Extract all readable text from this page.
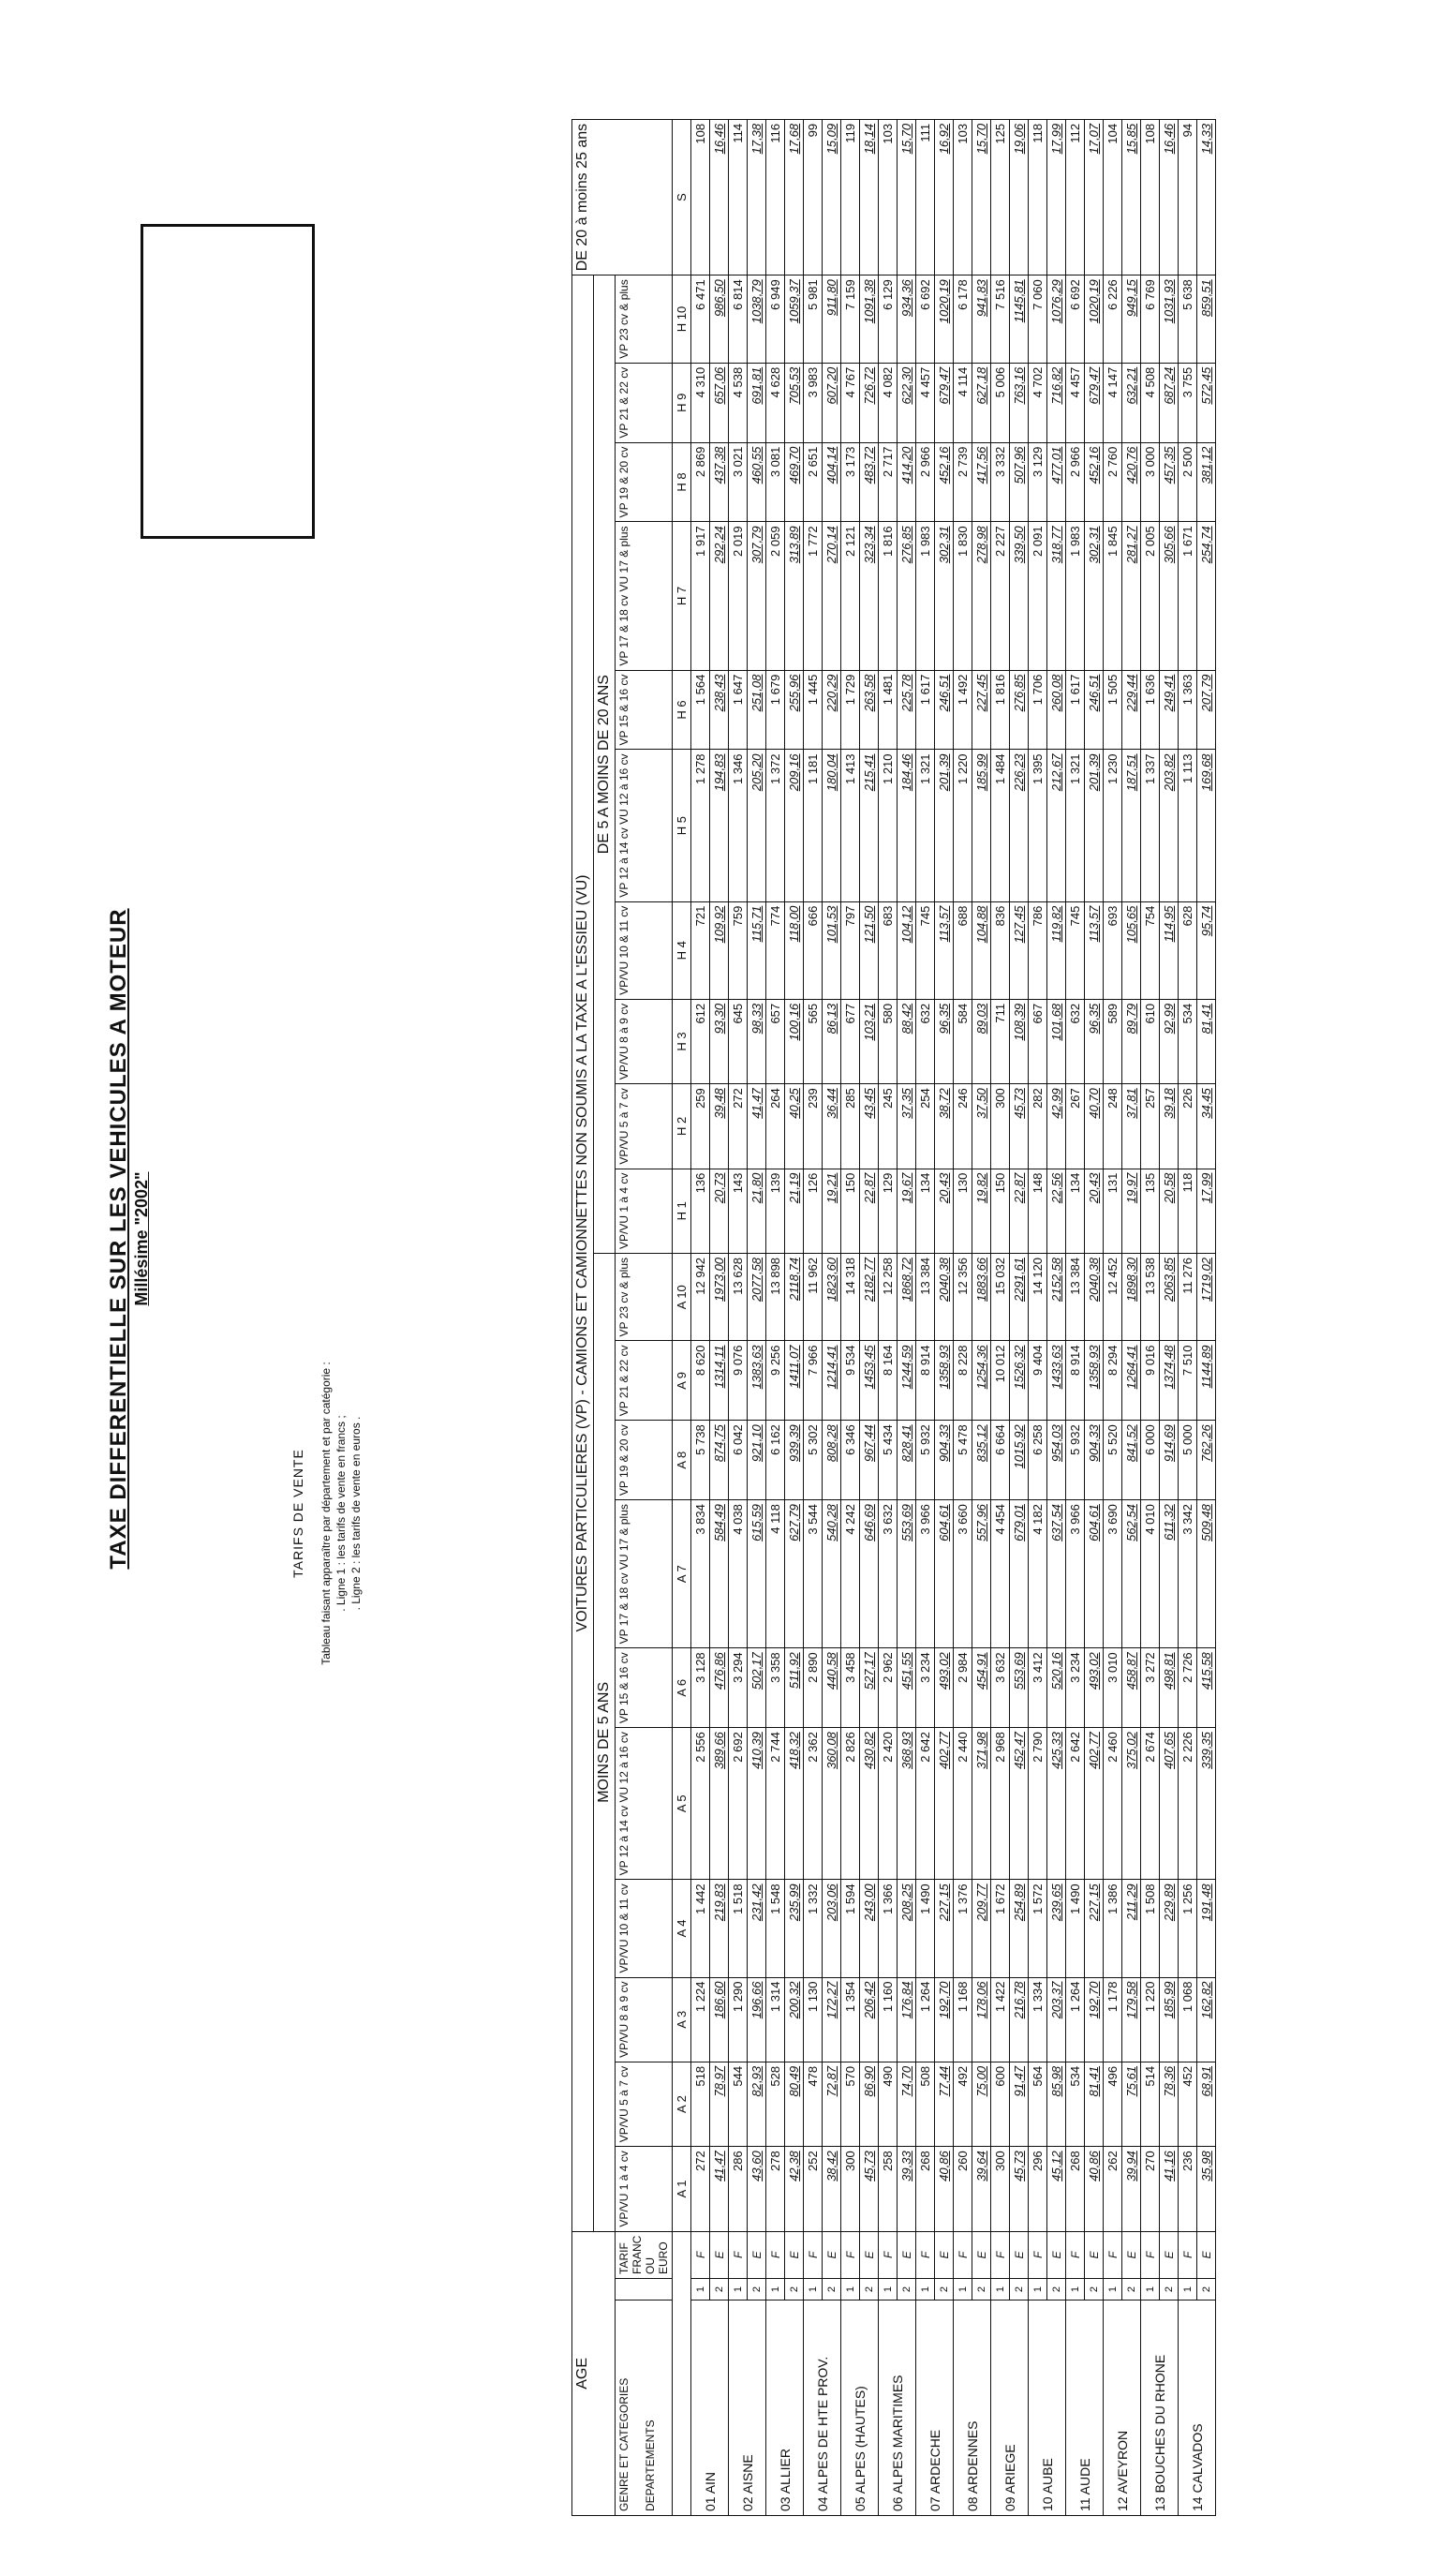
TAXE DIFFERENTIELLE SUR LES VEHICULES A MOTEUR Millésime "2002"
TARIFS DE VENTE Tableau faisant apparaître par département et par catégorie : . Ligne 1 : les tarifs de vente en francs ; . Ligne 2 : les tarifs de vente en euros .
AGE			VOITURES PARTICULIERES (VP) - CAMIONS ET CAMIONNETTES NON SOUMIS A LA TAXE A L'ESSIEU (VU)																				DE 20 à moins 25 ans
			MOINS DE 5 ANS										DE 5 A MOINS DE 20 ANS										
GENRE ET CATEGORIES DEPARTEMENTS		TARIF FRANC OU EURO	VP/VU 1 à 4 cv	VP/VU 5 à 7 cv	VP/VU 8 à 9 cv	VP/VU 10 & 11 cv	VP 12 à 14 cv VU 12 à 16 cv	VP 15 & 16 cv	VP 17 & 18 cv VU 17 & plus	VP 19 & 20 cv	VP 21 & 22 cv	VP 23 cv & plus	VP/VU 1 à 4 cv	VP/VU 5 à 7 cv	VP/VU 8 à 9 cv	VP/VU 10 & 11 cv	VP 12 à 14 cv VU 12 à 16 cv	VP 15 & 16 cv	VP 17 & 18 cv VU 17 & plus	VP 19 & 20 cv	VP 21 & 22 cv	VP 23 cv & plus	
			A 1	A 2	A 3	A 4	A 5	A 6	A 7	A 8	A 9	A 10	H 1	H 2	H 3	H 4	H 5	H 6	H 7	H 8	H 9	H 10	S
01 AIN	1	F	272	518	1 224	1 442	2 556	3 128	3 834	5 738	8 620	12 942	136	259	612	721	1 278	1 564	1 917	2 869	4 310	6 471	108
	2	E	41,47	78,97	186,60	219,83	389,66	476,86	584,49	874,75	1314,11	1973,00	20,73	39,48	93,30	109,92	194,83	238,43	292,24	437,38	657,06	986,50	16,46
02 AISNE	1	F	286	544	1 290	1 518	2 692	3 294	4 038	6 042	9 076	13 628	143	272	645	759	1 346	1 647	2 019	3 021	4 538	6 814	114
	2	E	43,60	82,93	196,66	231,42	410,39	502,17	615,59	921,10	1383,63	2077,58	21,80	41,47	98,33	115,71	205,20	251,08	307,79	460,55	691,81	1038,79	17,38
03 ALLIER	1	F	278	528	1 314	1 548	2 744	3 358	4 118	6 162	9 256	13 898	139	264	657	774	1 372	1 679	2 059	3 081	4 628	6 949	116
	2	E	42,38	80,49	200,32	235,99	418,32	511,92	627,79	939,39	1411,07	2118,74	21,19	40,25	100,16	118,00	209,16	255,96	313,89	469,70	705,53	1059,37	17,68
04 ALPES DE HTE PROV.	1	F	252	478	1 130	1 332	2 362	2 890	3 544	5 302	7 966	11 962	126	239	565	666	1 181	1 445	1 772	2 651	3 983	5 981	99
	2	E	38,42	72,87	172,27	203,06	360,08	440,58	540,28	808,28	1214,41	1823,60	19,21	36,44	86,13	101,53	180,04	220,29	270,14	404,14	607,20	911,80	15,09
05 ALPES (HAUTES)	1	F	300	570	1 354	1 594	2 826	3 458	4 242	6 346	9 534	14 318	150	285	677	797	1 413	1 729	2 121	3 173	4 767	7 159	119
	2	E	45,73	86,90	206,42	243,00	430,82	527,17	646,69	967,44	1453,45	2182,77	22,87	43,45	103,21	121,50	215,41	263,58	323,34	483,72	726,72	1091,38	18,14
06 ALPES MARITIMES	1	F	258	490	1 160	1 366	2 420	2 962	3 632	5 434	8 164	12 258	129	245	580	683	1 210	1 481	1 816	2 717	4 082	6 129	103
	2	E	39,33	74,70	176,84	208,25	368,93	451,55	553,69	828,41	1244,59	1868,72	19,67	37,35	88,42	104,12	184,46	225,78	276,85	414,20	622,30	934,36	15,70
07 ARDECHE	1	F	268	508	1 264	1 490	2 642	3 234	3 966	5 932	8 914	13 384	134	254	632	745	1 321	1 617	1 983	2 966	4 457	6 692	111
	2	E	40,86	77,44	192,70	227,15	402,77	493,02	604,61	904,33	1358,93	2040,38	20,43	38,72	96,35	113,57	201,39	246,51	302,31	452,16	679,47	1020,19	16,92
08 ARDENNES	1	F	260	492	1 168	1 376	2 440	2 984	3 660	5 478	8 228	12 356	130	246	584	688	1 220	1 492	1 830	2 739	4 114	6 178	103
	2	E	39,64	75,00	178,06	209,77	371,98	454,91	557,96	835,12	1254,36	1883,66	19,82	37,50	89,03	104,88	185,99	227,45	278,98	417,56	627,18	941,83	15,70
09 ARIEGE	1	F	300	600	1 422	1 672	2 968	3 632	4 454	6 664	10 012	15 032	150	300	711	836	1 484	1 816	2 227	3 332	5 006	7 516	125
	2	E	45,73	91,47	216,78	254,89	452,47	553,69	679,01	1015,92	1526,32	2291,61	22,87	45,73	108,39	127,45	226,23	276,85	339,50	507,96	763,16	1145,81	19,06
10 AUBE	1	F	296	564	1 334	1 572	2 790	3 412	4 182	6 258	9 404	14 120	148	282	667	786	1 395	1 706	2 091	3 129	4 702	7 060	118
	2	E	45,12	85,98	203,37	239,65	425,33	520,16	637,54	954,03	1433,63	2152,58	22,56	42,99	101,68	119,82	212,67	260,08	318,77	477,01	716,82	1076,29	17,99
11 AUDE	1	F	268	534	1 264	1 490	2 642	3 234	3 966	5 932	8 914	13 384	134	267	632	745	1 321	1 617	1 983	2 966	4 457	6 692	112
	2	E	40,86	81,41	192,70	227,15	402,77	493,02	604,61	904,33	1358,93	2040,38	20,43	40,70	96,35	113,57	201,39	246,51	302,31	452,16	679,47	1020,19	17,07
12 AVEYRON	1	F	262	496	1 178	1 386	2 460	3 010	3 690	5 520	8 294	12 452	131	248	589	693	1 230	1 505	1 845	2 760	4 147	6 226	104
	2	E	39,94	75,61	179,58	211,29	375,02	458,87	562,54	841,52	1264,41	1898,30	19,97	37,81	89,79	105,65	187,51	229,44	281,27	420,76	632,21	949,15	15,85
13 BOUCHES DU RHONE	1	F	270	514	1 220	1 508	2 674	3 272	4 010	6 000	9 016	13 538	135	257	610	754	1 337	1 636	2 005	3 000	4 508	6 769	108
	2	E	41,16	78,36	185,99	229,89	407,65	498,81	611,32	914,69	1374,48	2063,85	20,58	39,18	92,99	114,95	203,82	249,41	305,66	457,35	687,24	1031,93	16,46
14 CALVADOS	1	F	236	452	1 068	1 256	2 226	2 726	3 342	5 000	7 510	11 276	118	226	534	628	1 113	1 363	1 671	2 500	3 755	5 638	94
	2	E	35,98	68,91	162,82	191,48	339,35	415,58	509,48	762,26	1144,89	1719,02	17,99	34,45	81,41	95,74	169,68	207,79	254,74	381,12	572,45	859,51	14,33
